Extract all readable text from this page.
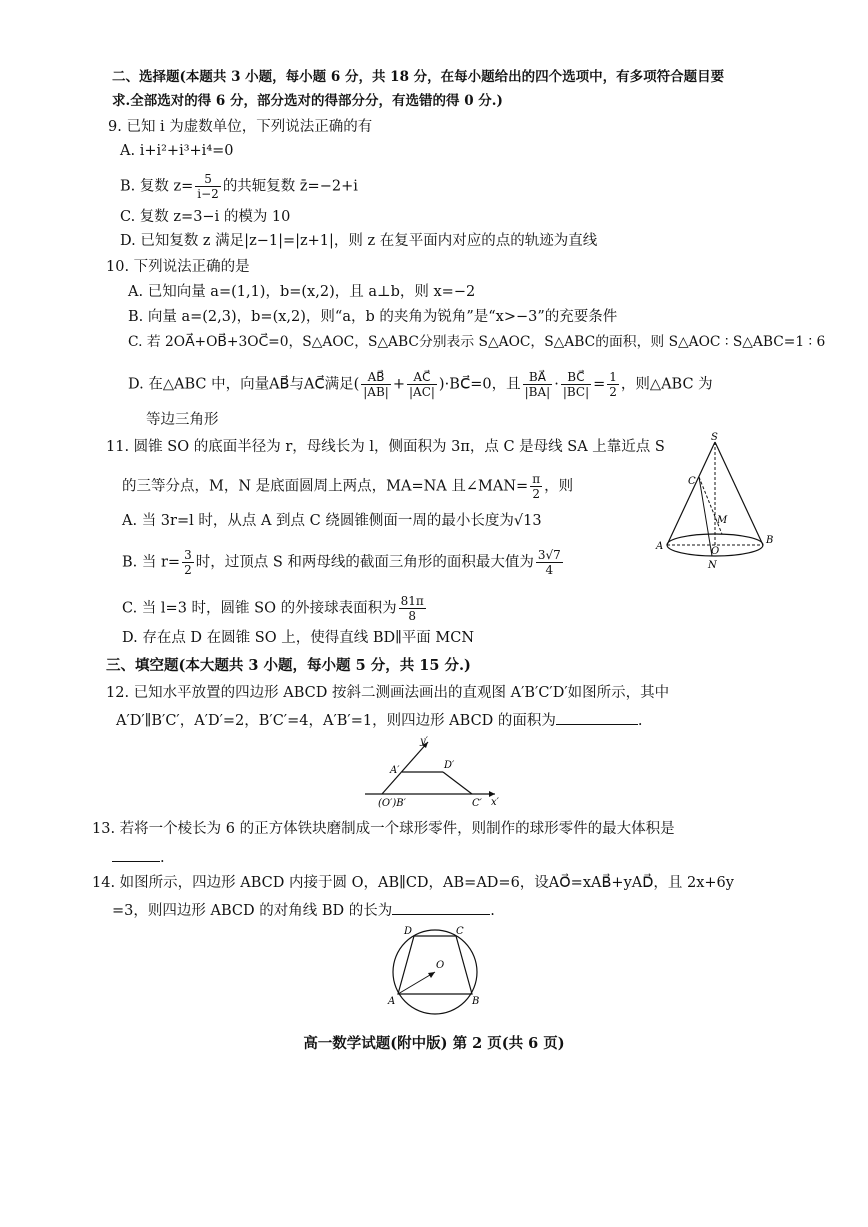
二、选择题(本题共 3 小题，每小题 6 分，共 18 分，在每小题给出的四个选项中，有多项符合题目要
求.全部选对的得 6 分，部分选对的得部分分，有选错的得 0 分.)
9. 已知 i 为虚数单位，下列说法正确的有
A. i+i²+i³+i⁴=0
B. 复数 $z= \frac{5}{i-2}$ 的共轭复数 z̄=−2+i
C. 复数 z=3−i 的模为 10
D. 已知复数 z 满足|z−1|=|z+1|，则 z 在复平面内对应的点的轨迹为直线
10. 下列说法正确的是
A. 已知向量 a=(1,1)，b=(x,2)，且 a⊥b，则 x=−2
B. 向量 a=(2,3)，b=(x,2)，则“a，b 的夹角为锐角”是“x>−3”的充要条件
C. 若 2OA⃗+OB⃗+3OC⃗=0，S△AOC，S△ABC分别表示 S△AOC，S△ABC的面积，则 S△AOC ∶ S△ABC=1 ∶ 6
D. 在△ABC 中，向量AB⃗与AC⃗满足( $\frac{AB⃗}{|AB|} + \frac{AC⃗}{|AC|}$ )·BC⃗=0，且 $\frac{BA⃗}{|BA|} \cdot \frac{BC⃗}{|BC|} = \frac{1}{2}$ ，则△ABC 为
等边三角形
11. 圆锥 SO 的底面半径为 r，母线长为 l，侧面积为 3π，点 C 是母线 SA 上靠近点 S
的三等分点，M，N 是底面圆周上两点，MA=NA 且∠MAN= $\frac{\pi}{2}$ ，则
A. 当 3r=l 时，从点 A 到点 C 绕圆锥侧面一周的最小长度为√13
B. 当 $r= \frac{3}{2}$ 时，过顶点 S 和两母线的截面三角形的面积最大值为 $\frac{3√7}{4}$
C. 当 l=3 时，圆锥 SO 的外接球表面积为 $\frac{81\pi}{8}$
D. 存在点 D 在圆锥 SO 上，使得直线 BD∥平面 MCN
S
C
M
A	O
B
N
三、填空题(本大题共 3 小题，每小题 5 分，共 15 分.)
12. 已知水平放置的四边形 ABCD 按斜二测画法画出的直观图 A′B′C′D′如图所示，其中
A′D′∥B′C′，A′D′=2，B′C′=4，A′B′=1，则四边形 ABCD 的面积为	.
y′
A′	D′
(O′)B′	C′ x′
13. 若将一个棱长为 6 的正方体铁块磨制成一个球形零件，则制作的球形零件的最大体积是
.
14. 如图所示，四边形 ABCD 内接于圆 O，AB∥CD，AB=AD=6，设AO⃗=xAB⃗+yAD⃗，且 2x+6y
=3，则四边形 ABCD 的对角线 BD 的长为	.
D	C
O
A	B
高一数学试题(附中版) 第 2 页(共 6 页)
